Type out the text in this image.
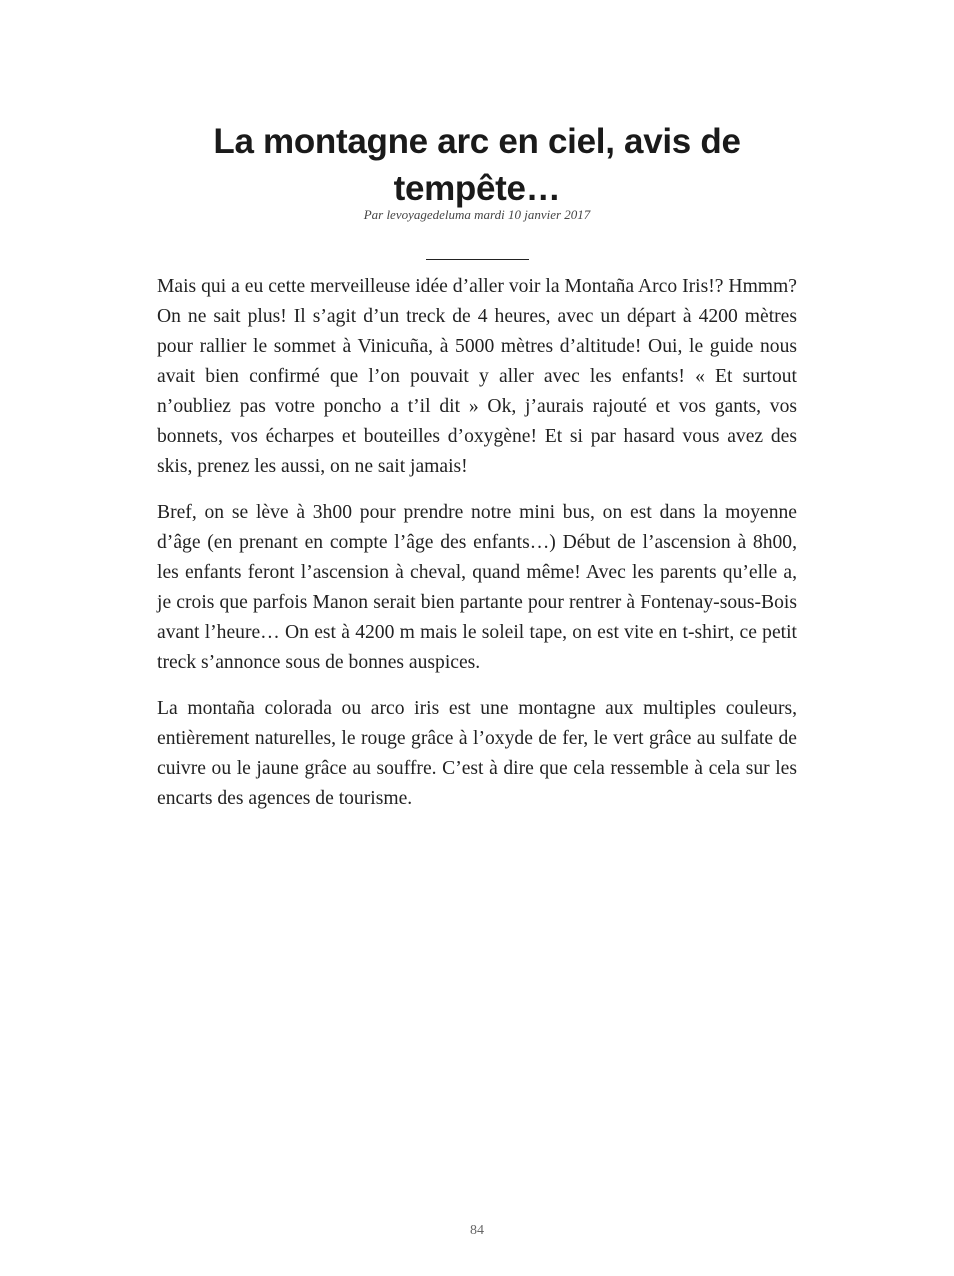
La montagne arc en ciel, avis de tempête…
Par levoyagedeluma mardi 10 janvier 2017

Mais qui a eu cette merveilleuse idée d’aller voir la Montaña Arco Iris!? Hmmm? On ne sait plus! Il s’agit d’un treck de 4 heures, avec un départ à 4200 mètres pour rallier le sommet à Vinicuña, à 5000 mètres d’altitude! Oui, le guide nous avait bien confirmé que l’on pouvait y aller avec les enfants! « Et surtout n’oubliez pas votre poncho a t’il dit » Ok, j’aurais rajouté et vos gants, vos bonnets, vos écharpes et bouteilles d’oxygène! Et si par hasard vous avez des skis, prenez les aussi, on ne sait jamais!

Bref, on se lève à 3h00 pour prendre notre mini bus, on est dans la moyenne d’âge (en prenant en compte l’âge des enfants…) Début de l’ascension à 8h00, les enfants feront l’ascension à cheval, quand même! Avec les parents qu’elle a, je crois que parfois Manon serait bien partante pour rentrer à Fontenay-sous-Bois avant l’heure… On est à 4200 m mais le soleil tape, on est vite en t-shirt, ce petit treck s’annonce sous de bonnes auspices.

La montaña colorada ou arco iris est une montagne aux multiples couleurs, entièrement naturelles, le rouge grâce à l’oxyde de fer, le vert grâce au sulfate de cuivre ou le jaune grâce au souffre. C’est à dire que cela ressemble à cela sur les encarts des agences de tourisme.

84
